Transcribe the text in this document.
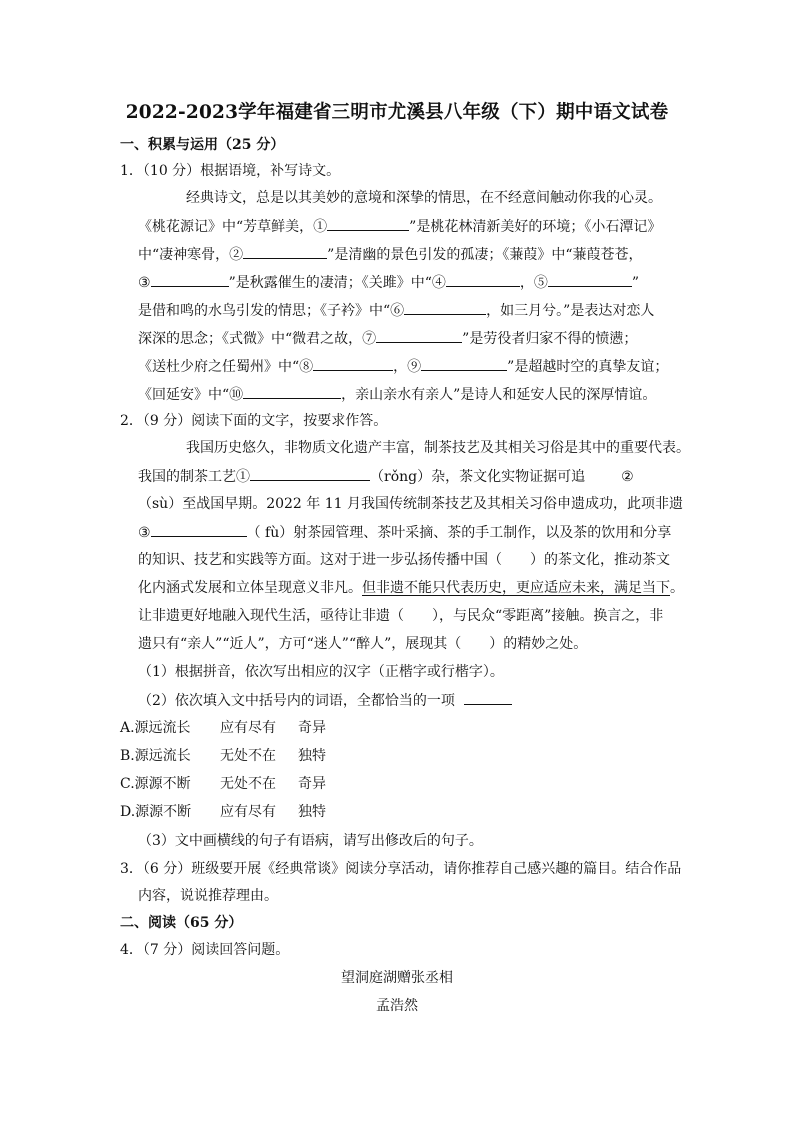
2022-2023学年福建省三明市尤溪县八年级（下）期中语文试卷
一、积累与运用（25 分）
1．（10 分）根据语境，补写诗文。
经典诗文，总是以其美妙的意境和深挚的情思，在不经意间触动你我的心灵。
《桃花源记》中“芳草鲜美，①	”是桃花林清新美好的环境；《小石潭记》
中“凄神寒骨，②	”是清幽的景色引发的孤凄；《蒹葭》中“蒹葭苍苍，
③	”是秋露催生的凄清；《关雎》中“④	，⑤	”
是借和鸣的水鸟引发的情思；《子衿》中“⑥	，如三月兮。”是表达对恋人
深深的思念；《式微》中“微君之故，⑦	”是劳役者归家不得的愤懑；
《送杜少府之任蜀州》中“⑧	，⑨	”是超越时空的真挚友谊；
《回延安》中“⑩	，亲山亲水有亲人”是诗人和延安人民的深厚情谊。
2．（9 分）阅读下面的文字，按要求作答。
我国历史悠久，非物质文化遗产丰富，制茶技艺及其相关习俗是其中的重要代表。
我国的制茶工艺①	（rǒng）杂，茶文化实物证据可追	②
（sù）至战国早期。2022 年 11 月我国传统制茶技艺及其相关习俗申遗成功，此项非遗
③	（ fù）射茶园管理、茶叶采摘、茶的手工制作，以及茶的饮用和分享
的知识、技艺和实践等方面。这对于进一步弘扬传播中国（　　）的茶文化，推动茶文
化内涵式发展和立体呈现意义非凡。但非遗不能只代表历史，更应适应未来，满足当下。
让非遗更好地融入现代生活，亟待让非遗（　　），与民众“零距离”接触。换言之，非
遗只有“亲人”“近人”，方可“迷人”“醉人”，展现其（　　）的精妙之处。
（1）根据拼音，依次写出相应的汉字（正楷字或行楷字）。
（2）依次填入文中括号内的词语，全都恰当的一项
A.源远流长 应有尽有 奇异
B.源远流长 无处不在 独特
C.源源不断 无处不在 奇异
D.源源不断 应有尽有 独特
（3）文中画横线的句子有语病，请写出修改后的句子。
3．（6 分）班级要开展《经典常谈》阅读分享活动，请你推荐自己感兴趣的篇目。结合作品
内容，说说推荐理由。
二、阅读（65 分）
4．（7 分）阅读回答问题。
望洞庭湖赠张丞相
孟浩然
